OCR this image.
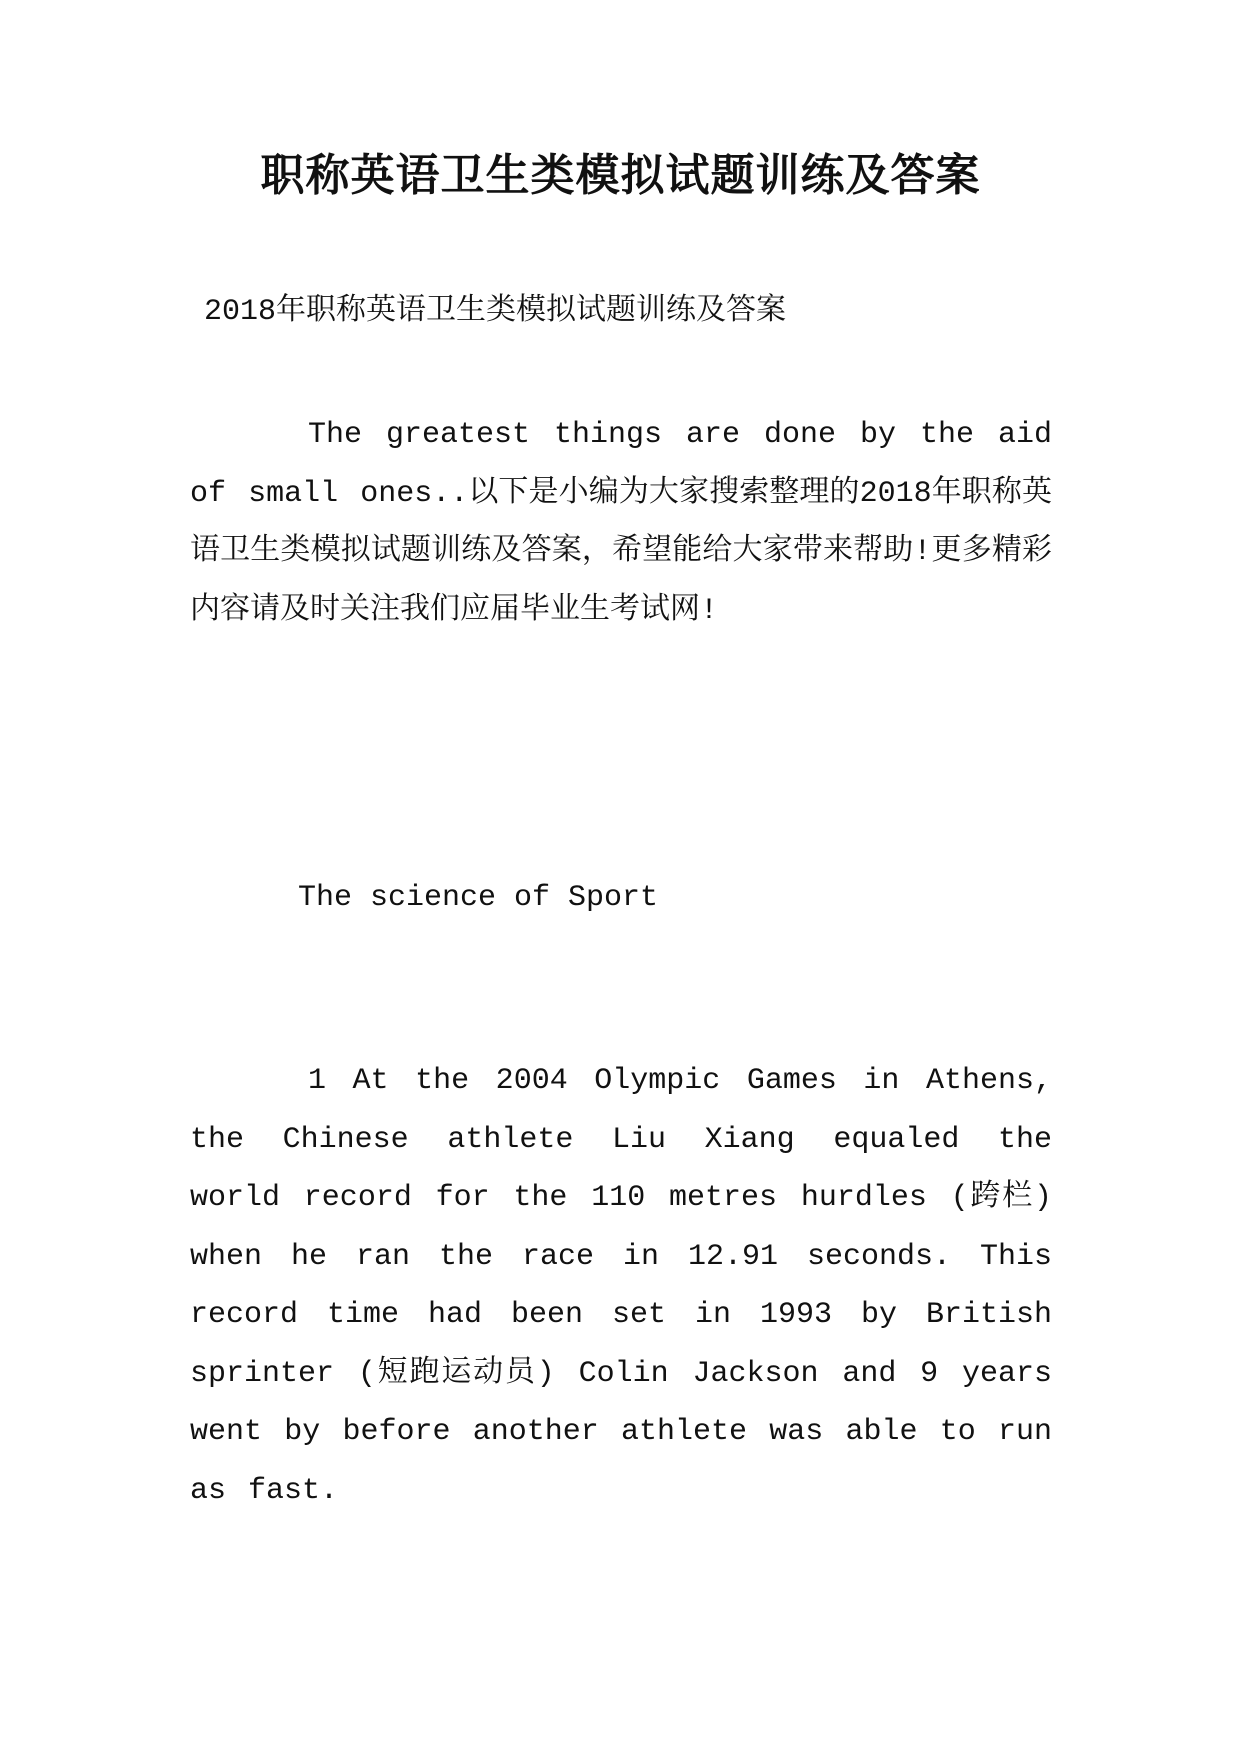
职称英语卫生类模拟试题训练及答案
2018年职称英语卫生类模拟试题训练及答案
The greatest things are done by the aid of small ones..以下是小编为大家搜索整理的2018年职称英语卫生类模拟试题训练及答案，希望能给大家带来帮助!更多精彩内容请及时关注我们应届毕业生考试网!
The science of Sport
1 At the 2004 Olympic Games in Athens, the Chinese athlete Liu Xiang equaled the world record for the 110 metres hurdles (跨栏) when he ran the race in 12.91 seconds. This record time had been set in 1993 by British sprinter (短跑运动员) Colin Jackson and 9 years went by before another athlete was able to run as fast.
